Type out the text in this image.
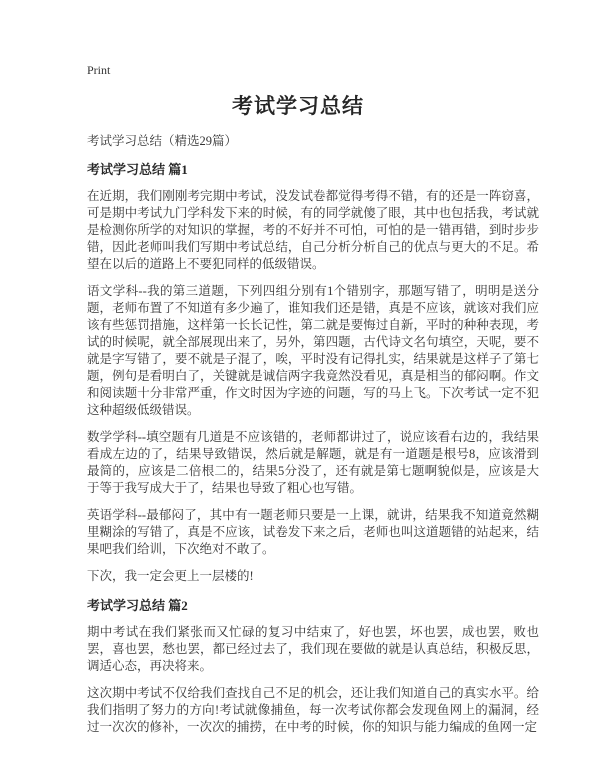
Print
考试学习总结
考试学习总结（精选29篇）
考试学习总结 篇1

在近期，我们刚刚考完期中考试，没发试卷都觉得考得不错，有的还是一阵窃喜，可是期中考试九门学科发下来的时候，有的同学就傻了眼，其中也包括我，考试就是检测你所学的对知识的掌握，考的不好并不可怕，可怕的是一错再错，到时步步错，因此老师叫我们写期中考试总结，自己分析分析自己的优点与更大的不足。希望在以后的道路上不要犯同样的低级错误。

语文学科--我的第三道题，下列四组分别有1个错别字，那题写错了，明明是送分题，老师布置了不知道有多少遍了，谁知我们还是错，真是不应该，就该对我们应该有些惩罚措施，这样第一长长记性，第二就是要悔过自新，平时的种种表现，考试的时候呢，就全部展现出来了，另外，第四题，古代诗文名句填空，天呢，要不就是字写错了，要不就是子混了，唉，平时没有记得扎实，结果就是这样子了第七题，例句是看明白了，关键就是诚信两字我竟然没看见，真是相当的郁闷啊。作文和阅读题十分非常严重，作文时因为字迹的问题，写的马上飞。下次考试一定不犯这种超级低级错误。

数学学科--填空题有几道是不应该错的，老师都讲过了，说应该看右边的，我结果看成左边的了，结果导致错误，然后就是解题，就是有一道题是根号8，应该滑到最简的，应该是二倍根二的，结果5分没了，还有就是第七题啊貌似是，应该是大于等于我写成大于了，结果也导致了粗心也写错。

英语学科--最郁闷了，其中有一题老师只要是一上课，就讲，结果我不知道竟然糊里糊涂的写错了，真是不应该，试卷发下来之后，老师也叫这道题错的站起来，结果吧我们给训，下次绝对不敢了。

下次，我一定会更上一层楼的!

考试学习总结 篇2

期中考试在我们紧张而又忙碌的复习中结束了，好也罢，坏也罢，成也罢，败也罢，喜也罢，愁也罢，都已经过去了，我们现在要做的就是认真总结，积极反思，调适心态，再决将来。

这次期中考试不仅给我们查找自己不足的机会，还让我们知道自己的真实水平。给我们指明了努力的方向!考试就像捕鱼，每一次考试你都会发现鱼网上的漏洞，经过一次次的修补，一次次的捕捞，在中考的时候，你的知识与能力编成的鱼网一定
